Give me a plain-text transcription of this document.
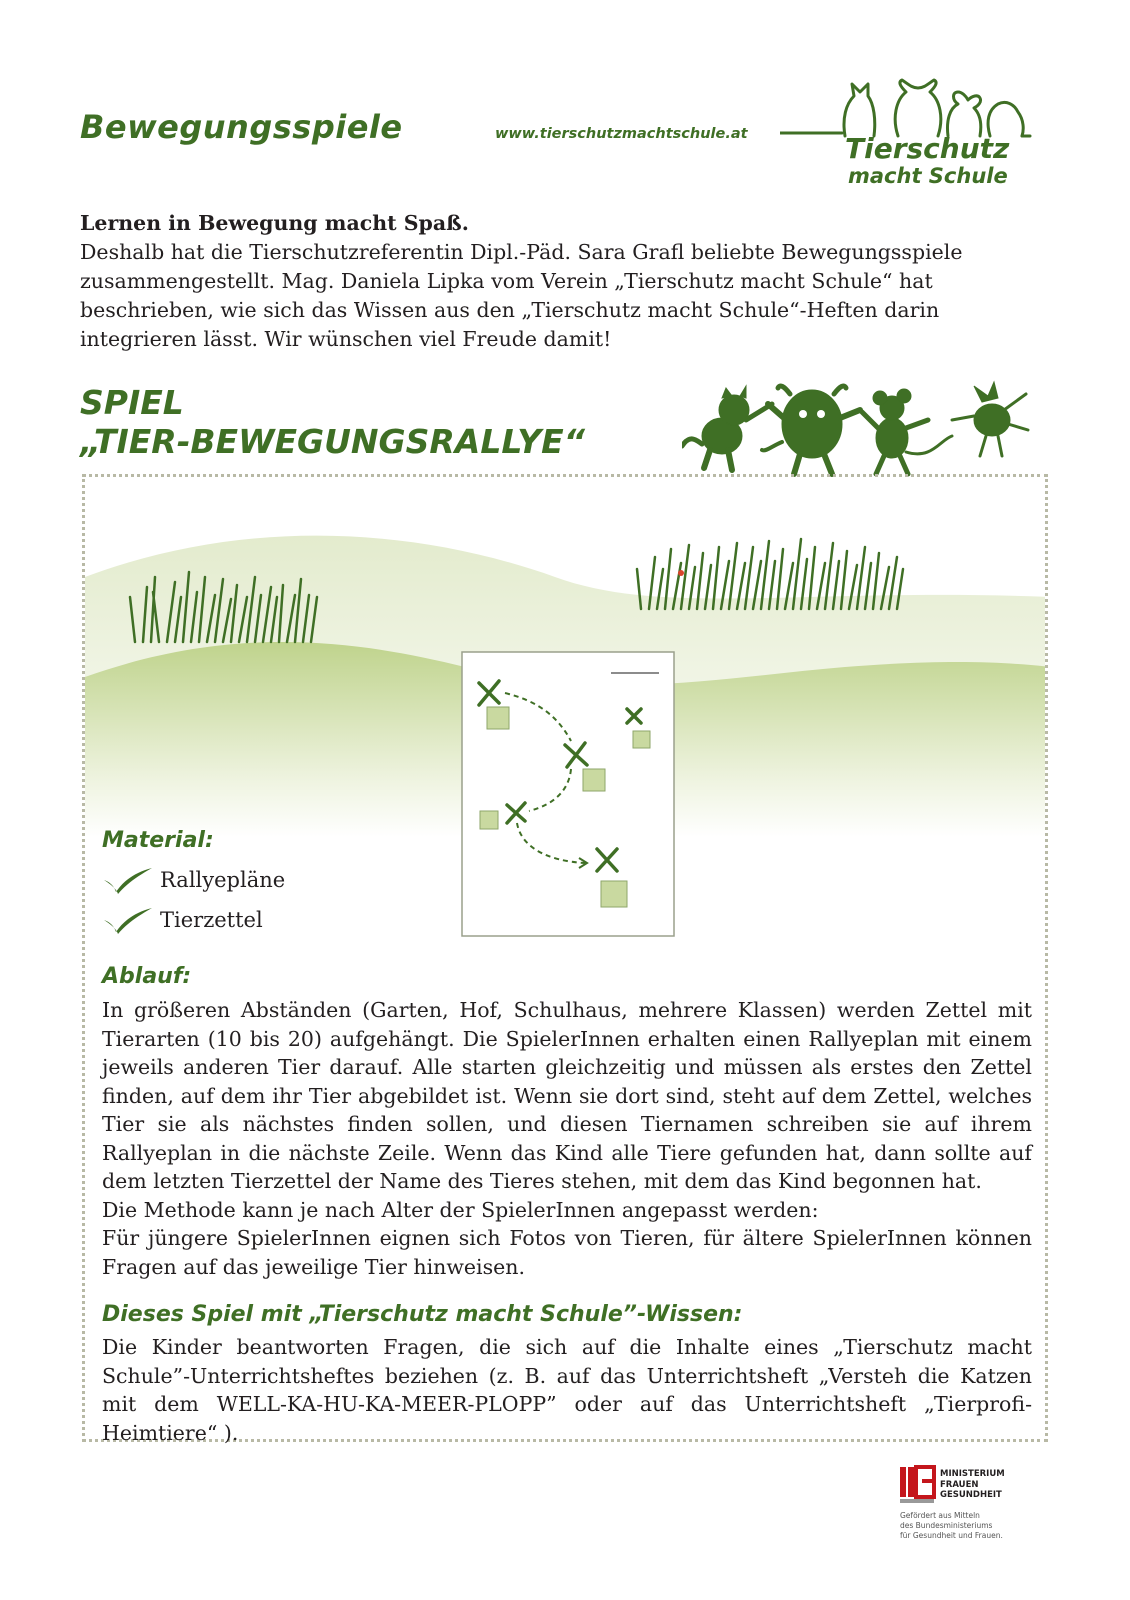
Bewegungsspiele	www.tierschutzmachtschule.at	Tierschutz
macht Schule
Lernen in Bewegung macht Spaß.
Deshalb hat die Tierschutzreferentin Dipl.-Päd. Sara Grafl beliebte Bewegungsspiele zusammengestellt. Mag. Daniela Lipka vom Verein „Tierschutz macht Schule“ hat beschrieben, wie sich das Wissen aus den „Tierschutz macht Schule“-Heften darin integrieren lässt. Wir wünschen viel Freude damit!
SPIEL
„TIER-BEWEGUNGSRALLYE“
Material:
Rallyepläne
Tierzettel
Ablauf:

In größeren Abständen (Garten, Hof, Schulhaus, mehrere Klassen) werden Zettel mit Tierarten (10 bis 20) aufgehängt. Die SpielerInnen erhalten einen Rallyeplan mit einem jeweils anderen Tier darauf. Alle starten gleichzeitig und müssen als erstes den Zettel finden, auf dem ihr Tier abgebildet ist. Wenn sie dort sind, steht auf dem Zettel, welches Tier sie als nächstes finden sollen, und diesen Tiernamen schreiben sie auf ihrem Rallyeplan in die nächste Zeile. Wenn das Kind alle Tiere gefunden hat, dann sollte auf dem letzten Tierzettel der Name des Tieres stehen, mit dem das Kind begonnen hat.

Die Methode kann je nach Alter der SpielerInnen angepasst werden:

Für jüngere SpielerInnen eignen sich Fotos von Tieren, für ältere SpielerInnen können Fragen auf das jeweilige Tier hinweisen.

Dieses Spiel mit „Tierschutz macht Schule”-Wissen:
Die Kinder beantworten Fragen, die sich auf die Inhalte eines „Tierschutz macht Schule”-Unterrichtsheftes beziehen (z. B. auf das Unterrichtsheft „Versteh die Katzen mit dem WELL-KA-HU-KA-MEER-PLOPP” oder auf das Unterrichtsheft „Tierprofi-Heimtiere“ ).
MINISTERIUM
FRAUEN
GESUNDHEIT
Gefördert aus Mitteln
des Bundesministeriums
für Gesundheit und Frauen.
